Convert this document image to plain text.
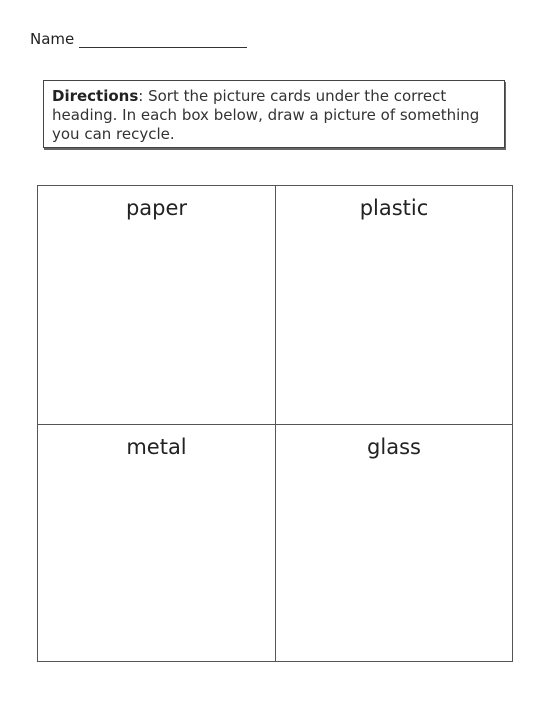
Name
Directions: Sort the picture cards under the correct heading. In each box below, draw a picture of something you can recycle.
paper	plastic
metal	glass
